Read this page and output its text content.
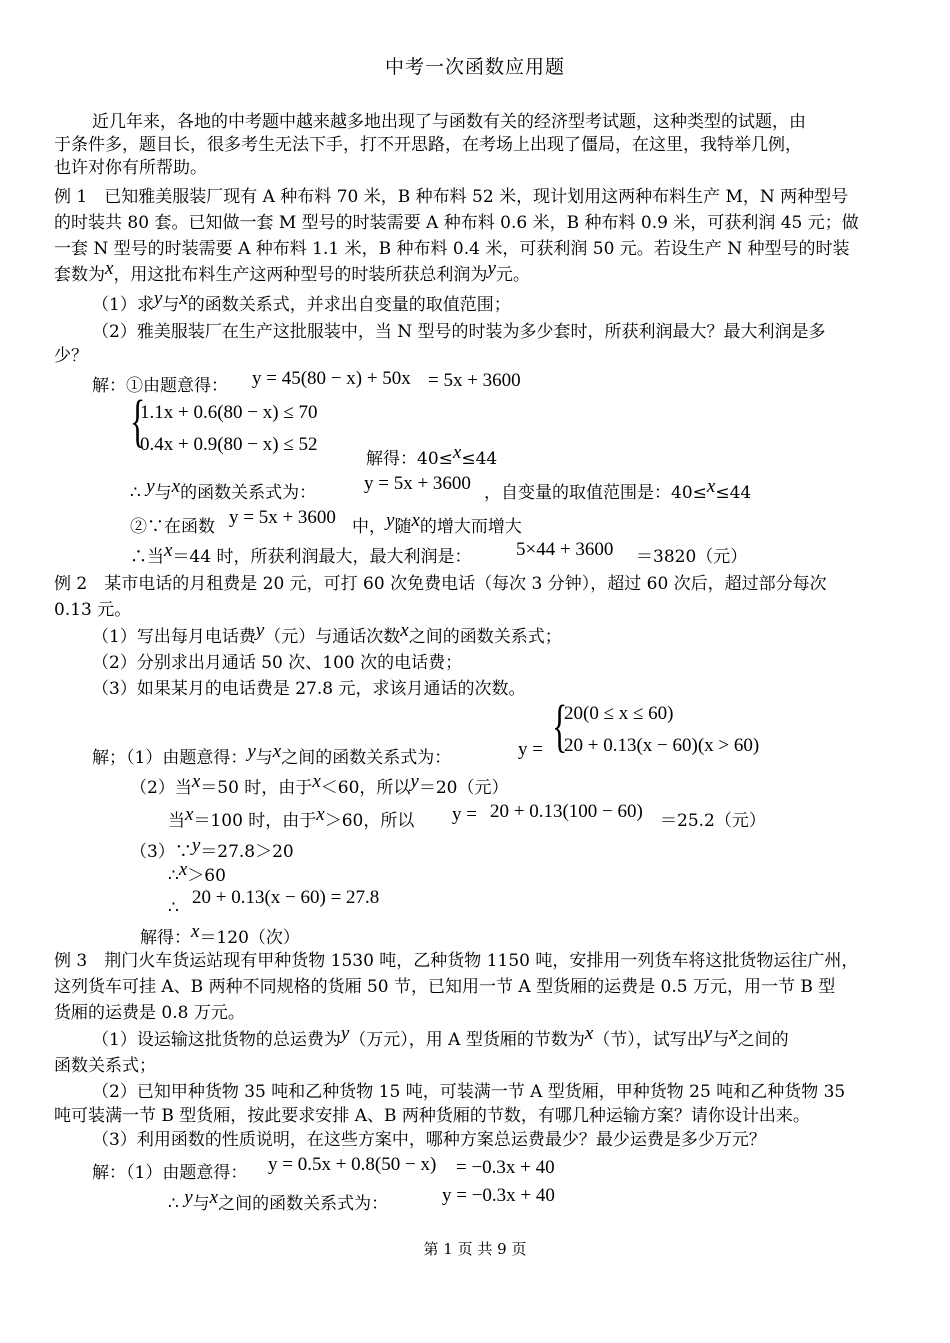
中考一次函数应用题
近几年来，各地的中考题中越来越多地出现了与函数有关的经济型考试题，这种类型的试题，由
于条件多，题目长，很多考生无法下手，打不开思路，在考场上出现了僵局，在这里，我特举几例，
也许对你有所帮助。
例 1　已知雅美服装厂现有 A 种布料 70 米，B 种布料 52 米，现计划用这两种布料生产 M，N 两种型号
的时装共 80 套。已知做一套 M 型号的时装需要 A 种布料 0.6 米，B 种布料 0.9 米，可获利润 45 元；做
一套 N 型号的时装需要 A 种布料 1.1 米，B 种布料 0.4 米，可获利润 50 元。若设生产 N 种型号的时装
套数为x，用这批布料生产这两种型号的时装所获总利润为y元。
（1）求y与x的函数关系式，并求出自变量的取值范围；
（2）雅美服装厂在生产这批服装中，当 N 型号的时装为多少套时，所获利润最大？最大利润是多
少？
解：①由题意得： y = 45(80 − x) + 50x = 5x + 3600
{
1.1x + 0.6(80 − x) ≤ 70
0.4x + 0.9(80 − x) ≤ 52
解得：40≤x≤44
∴ y与x的函数关系式为：	y = 5x + 3600 ，自变量的取值范围是：40≤x≤44
②∵在函数 y = 5x + 3600 中，y随x的增大而增大
∴当x＝44 时，所获利润最大，最大利润是： 5×44 + 3600 ＝3820（元）
例 2　某市电话的月租费是 20 元，可打 60 次免费电话（每次 3 分钟），超过 60 次后，超过部分每次
0.13 元。
（1）写出每月电话费y（元）与通话次数x之间的函数关系式；
（2）分别求出月通话 50 次、100 次的电话费；
（3）如果某月的电话费是 27.8 元，求该月通话的次数。
{
20(0 ≤ x ≤ 60)
20 + 0.13(x − 60)(x > 60)
解；（1）由题意得：y与x之间的函数关系式为：	y =
（2）当x＝50 时，由于x＜60，所以y＝20（元）
当x＝100 时，由于x＞60，所以 y = 20 + 0.13(100 − 60) ＝25.2（元）
（3）∵y＝27.8＞20
∴x＞60
∴ 20 + 0.13(x − 60) = 27.8
解得：x＝120（次）
例 3　荆门火车货运站现有甲种货物 1530 吨，乙种货物 1150 吨，安排用一列货车将这批货物运往广州，
这列货车可挂 A、B 两种不同规格的货厢 50 节，已知用一节 A 型货厢的运费是 0.5 万元，用一节 B 型
货厢的运费是 0.8 万元。
（1）设运输这批货物的总运费为y（万元），用 A 型货厢的节数为x（节），试写出y与x之间的
函数关系式；
（2）已知甲种货物 35 吨和乙种货物 15 吨，可装满一节 A 型货厢，甲种货物 25 吨和乙种货物 35
吨可装满一节 B 型货厢，按此要求安排 A、B 两种货厢的节数，有哪几种运输方案？请你设计出来。
（3）利用函数的性质说明，在这些方案中，哪种方案总运费最少？最少运费是多少万元？
解：（1）由题意得： y = 0.5x + 0.8(50 − x) = −0.3x + 40
∴ y与x之间的函数关系式为：	y = −0.3x + 40
第 1 页 共 9 页
